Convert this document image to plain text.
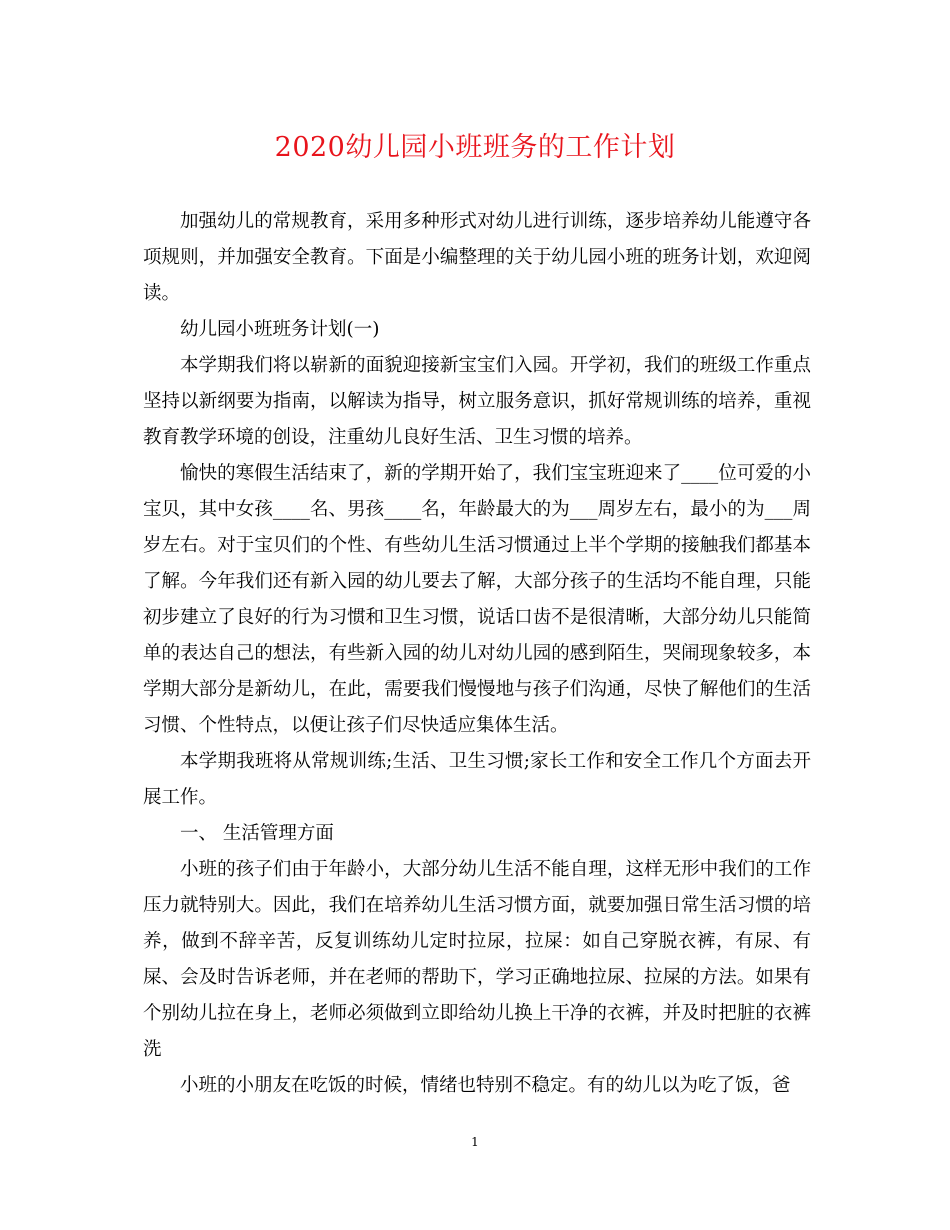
2020幼儿园小班班务的工作计划

加强幼儿的常规教育，采用多种形式对幼儿进行训练，逐步培养幼儿能遵守各项规则，并加强安全教育。下面是小编整理的关于幼儿园小班的班务计划，欢迎阅读。

幼儿园小班班务计划(一)

本学期我们将以崭新的面貌迎接新宝宝们入园。开学初，我们的班级工作重点坚持以新纲要为指南，以解读为指导，树立服务意识，抓好常规训练的培养，重视教育教学环境的创设，注重幼儿良好生活、卫生习惯的培养。

愉快的寒假生活结束了，新的学期开始了，我们宝宝班迎来了____位可爱的小宝贝，其中女孩____名、男孩____名，年龄最大的为___周岁左右，最小的为___周岁左右。对于宝贝们的个性、有些幼儿生活习惯通过上半个学期的接触我们都基本了解。今年我们还有新入园的幼儿要去了解，大部分孩子的生活均不能自理，只能初步建立了良好的行为习惯和卫生习惯，说话口齿不是很清晰，大部分幼儿只能简单的表达自己的想法，有些新入园的幼儿对幼儿园的感到陌生，哭闹现象较多，本学期大部分是新幼儿，在此，需要我们慢慢地与孩子们沟通，尽快了解他们的生活习惯、个性特点，以便让孩子们尽快适应集体生活。

本学期我班将从常规训练;生活、卫生习惯;家长工作和安全工作几个方面去开展工作。

一、 生活管理方面

小班的孩子们由于年龄小，大部分幼儿生活不能自理，这样无形中我们的工作压力就特别大。因此，我们在培养幼儿生活习惯方面，就要加强日常生活习惯的培养，做到不辞辛苦，反复训练幼儿定时拉尿，拉屎：如自己穿脱衣裤，有尿、有屎、会及时告诉老师，并在老师的帮助下，学习正确地拉尿、拉屎的方法。如果有个别幼儿拉在身上，老师必须做到立即给幼儿换上干净的衣裤，并及时把脏的衣裤洗

小班的小朋友在吃饭的时候，情绪也特别不稳定。有的幼儿以为吃了饭，爸

1
